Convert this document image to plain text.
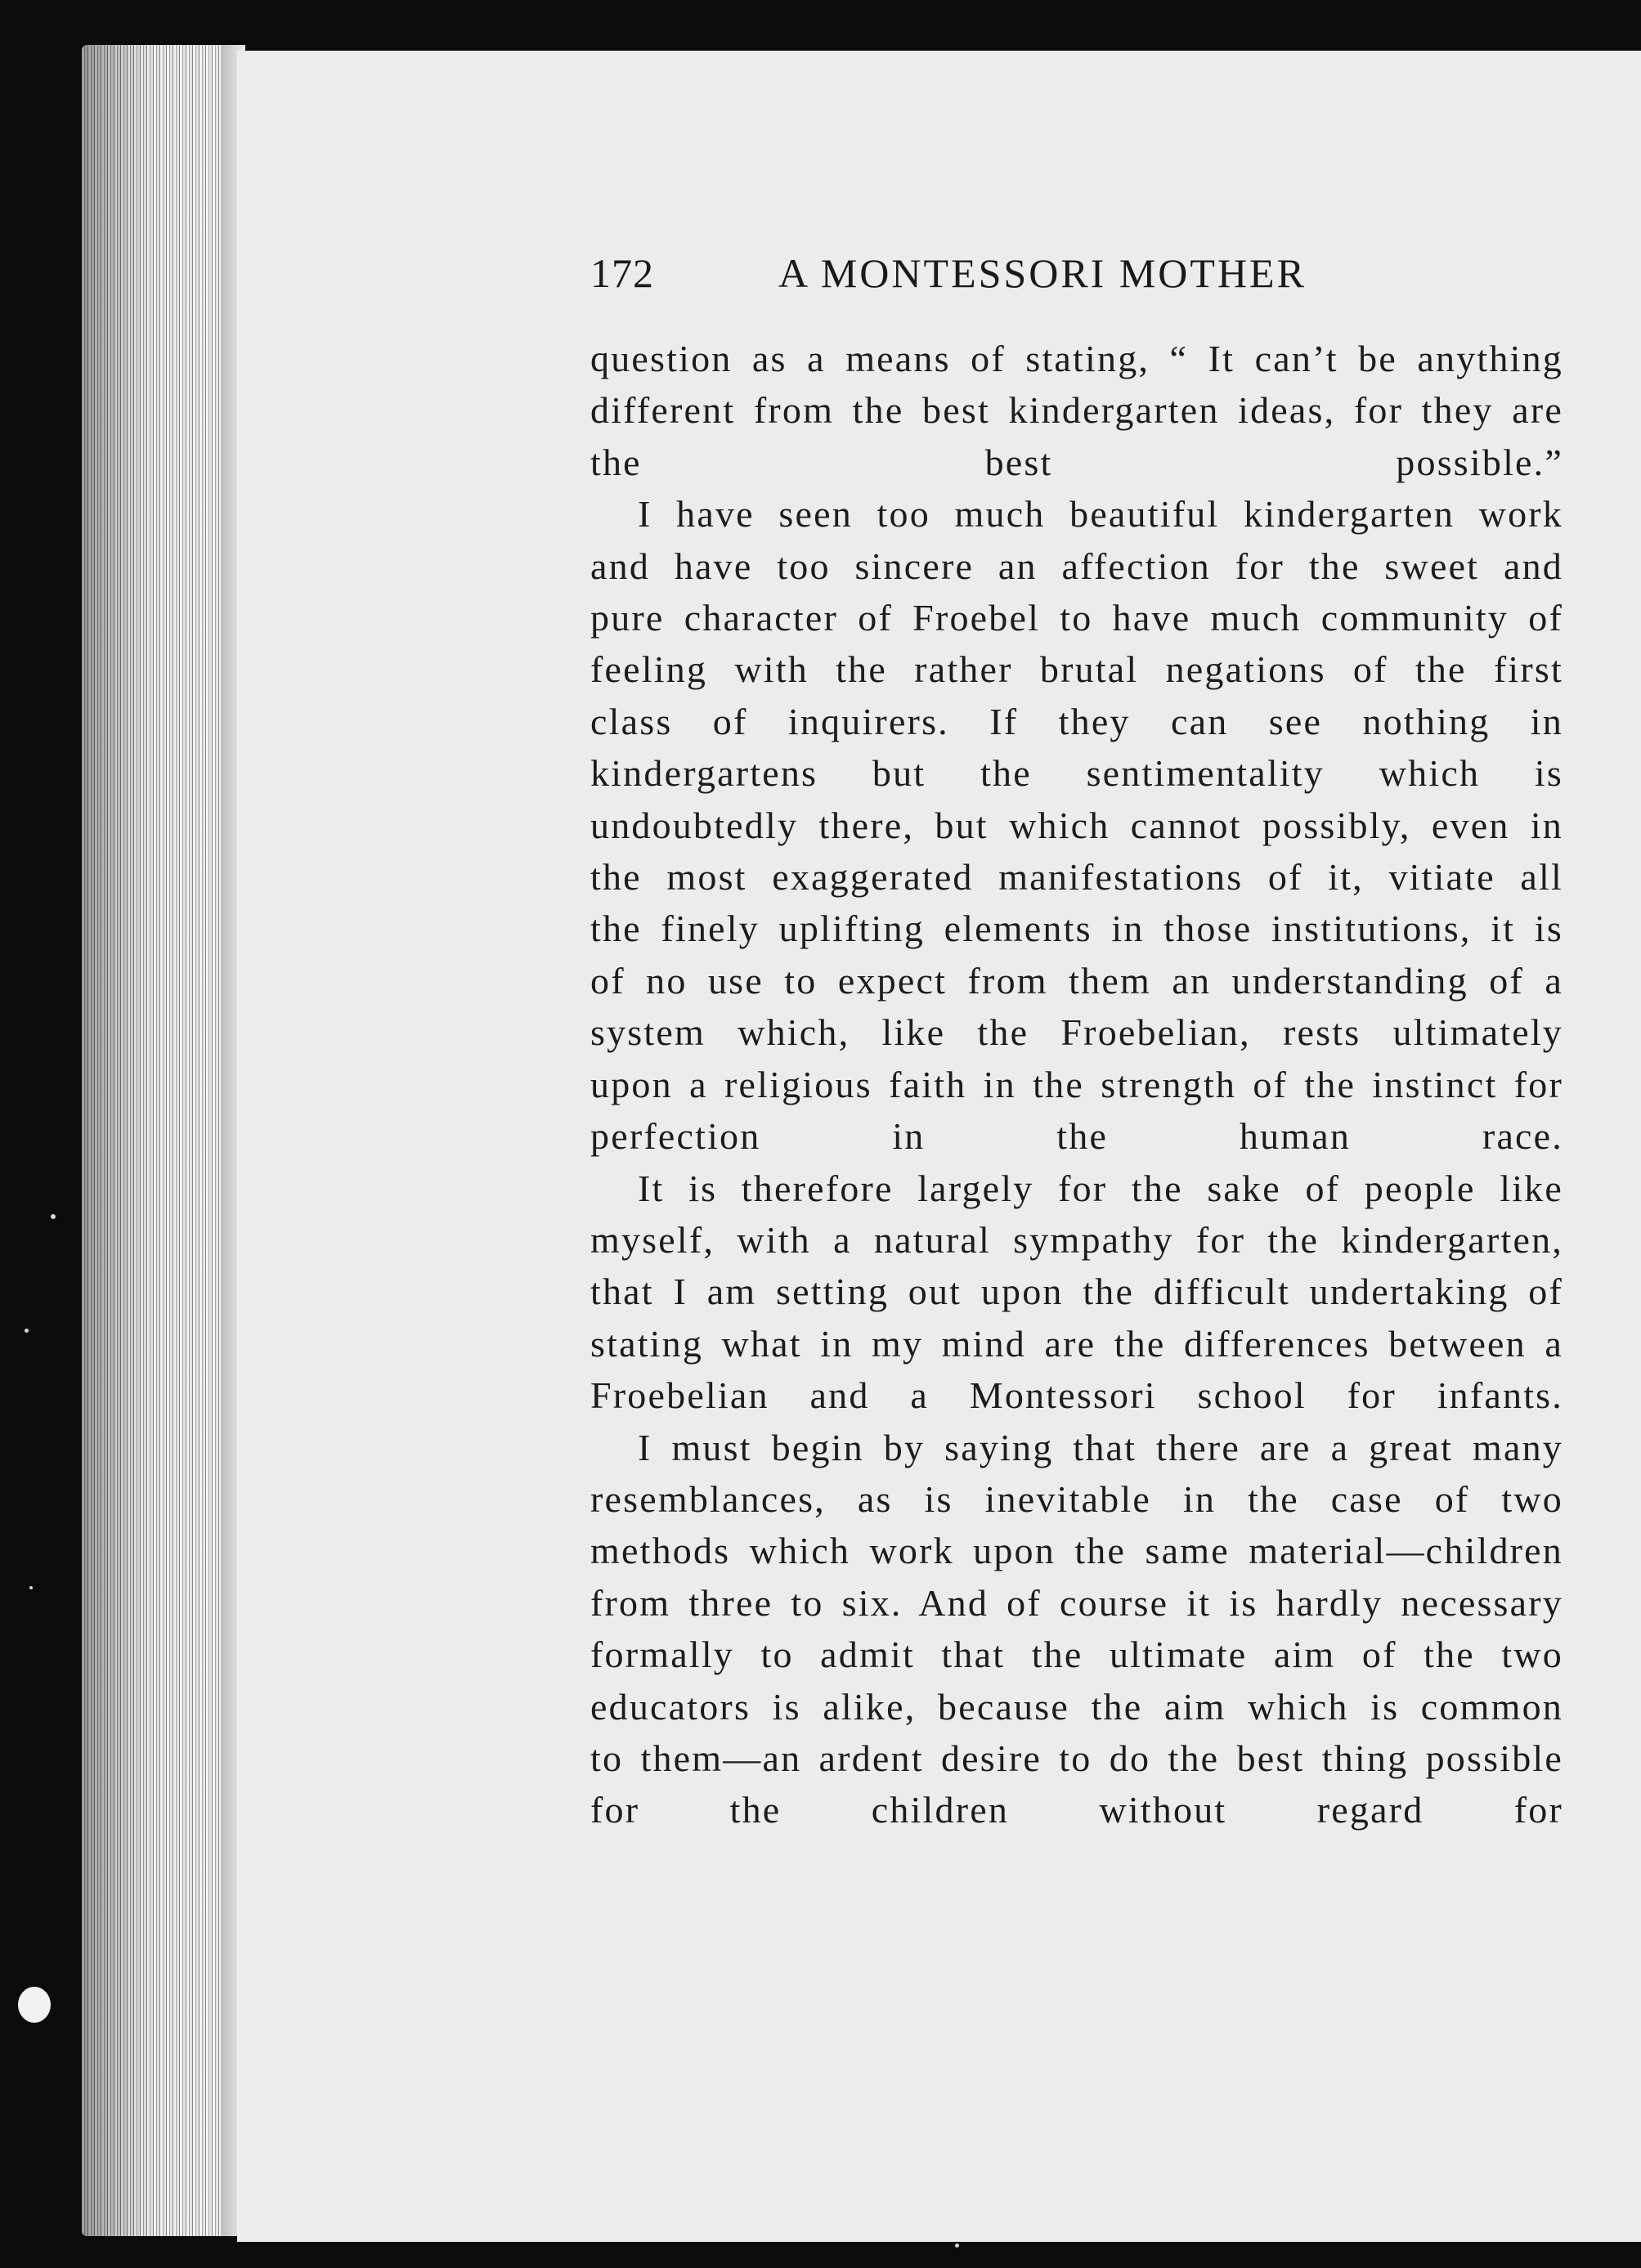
172	A MONTESSORI MOTHER

question as a means of stating, “ It can’t be anything different from the best kindergarten ideas, for they are the best possible.”

I have seen too much beautiful kindergarten work and have too sincere an affection for the sweet and pure character of Froebel to have much community of feeling with the rather brutal negations of the first class of inquirers. If they can see nothing in kindergartens but the sentimentality which is undoubtedly there, but which cannot possibly, even in the most exaggerated manifestations of it, vitiate all the finely uplifting elements in those institutions, it is of no use to expect from them an understanding of a system which, like the Froebelian, rests ultimately upon a religious faith in the strength of the instinct for perfection in the human race.

It is therefore largely for the sake of people like myself, with a natural sympathy for the kindergarten, that I am setting out upon the difficult undertaking of stating what in my mind are the differences between a Froebelian and a Montessori school for infants.

I must begin by saying that there are a great many resemblances, as is inevitable in the case of two methods which work upon the same material—children from three to six. And of course it is hardly necessary formally to admit that the ultimate aim of the two educators is alike, because the aim which is common to them—an ardent desire to do the best thing possible for the children without regard for
